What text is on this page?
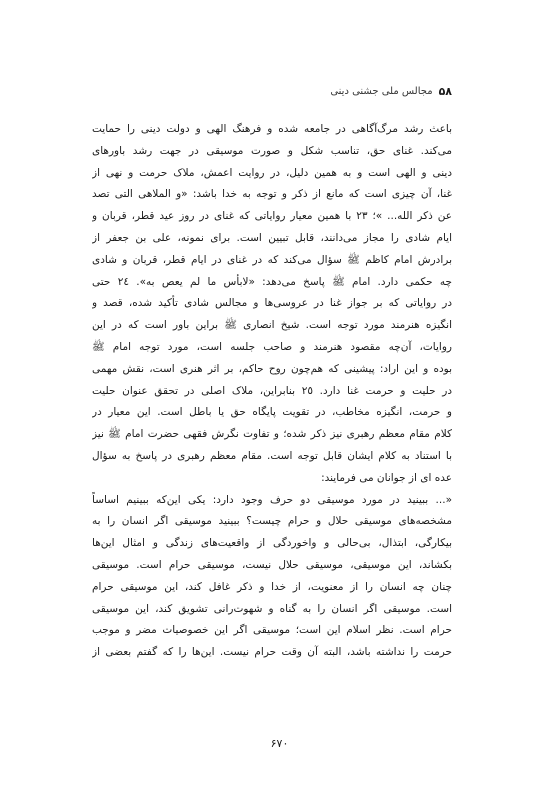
۵۸
مجالس ملی جشنی دینی
باعث رشد مرگ‌آگاهی در جامعه شده و فرهنگ الهی و دولت دینی را حمایت
می‌کند. غنای حق، تناسب شکل و صورت موسیقی در جهت رشد باورهای
دینی و الهی است و به همین دلیل، در روایت اعمش، ملاک حرمت و نهی از
غنا، آن چیزی است که مانع از ذکر و توجه به خدا باشد: «و الملاهی التی تصد
عن ذکر الله... »؛ ٢٣ با همین معیار روایاتی که غنای در روز عید قطر، قربان و
ایام شادی را مجاز می‌دانند، قابل تبیین است. برای نمونه، علی بن جعفر از
برادرش امام کاظم ﷺ سؤال می‌کند که در غنای در ایام قطر، قربان و شادی
چه حکمی دارد. امام ﷺ پاسخ می‌دهد: «لابأس ما لم یعص به». ٢٤ حتی
در روایاتی که بر جواز غنا در عروسی‌ها و مجالس شادی تأکید شده، قصد و
انگیزه هنرمند مورد توجه است. شیخ انصاری ﷺ براین باور است که در این
روایات، آن‌چه مقصود هنرمند و صاحب جلسه است، مورد توجه امام ﷺ
بوده و این اراد: پیشینی که هم‌چون روح حاکم، بر اثر هنری است، نقش مهمی
در حلیت و حرمت غنا دارد. ٢٥ بنابراین، ملاک اصلی در تحقق عنوان حلیت
و حرمت، انگیزه مخاطب، در تقویت پایگاه حق یا باطل است. این معیار در
کلام مقام معظم رهبری نیز ذکر شده؛ و تفاوت نگرش فقهی حضرت امام ﷺ نیز
با استناد به کلام ایشان قابل توجه است. مقام معظم رهبری در پاسخ به سؤال
عده ای از جوانان می فرمایند:
«... ببینید در مورد موسیقی دو حرف وجود دارد: یکی این‌که ببینیم اساساً
مشخصه‌های موسیقی حلال و حرام چیست؟ ببینید موسیقی اگر انسان را به
بیکارگی، ابتذال، بی‌حالی و واخوردگی از واقعیت‌های زندگی و امثال این‌ها
بکشاند، این موسیقی، موسیقی حلال نیست، موسیقی حرام است. موسیقی
چنان چه انسان را از معنویت، از خدا و ذکر غافل کند، این موسیقی حرام
است. موسیقی اگر انسان را به گناه و شهوت‌رانی تشویق کند، این موسیقی
حرام است. نظر اسلام این است؛ موسیقی اگر این خصوصیات مضر و موجب
حرمت را نداشته باشد، البته آن وقت حرام نیست. این‌ها را که گفتم بعضی از
۶٧٠
